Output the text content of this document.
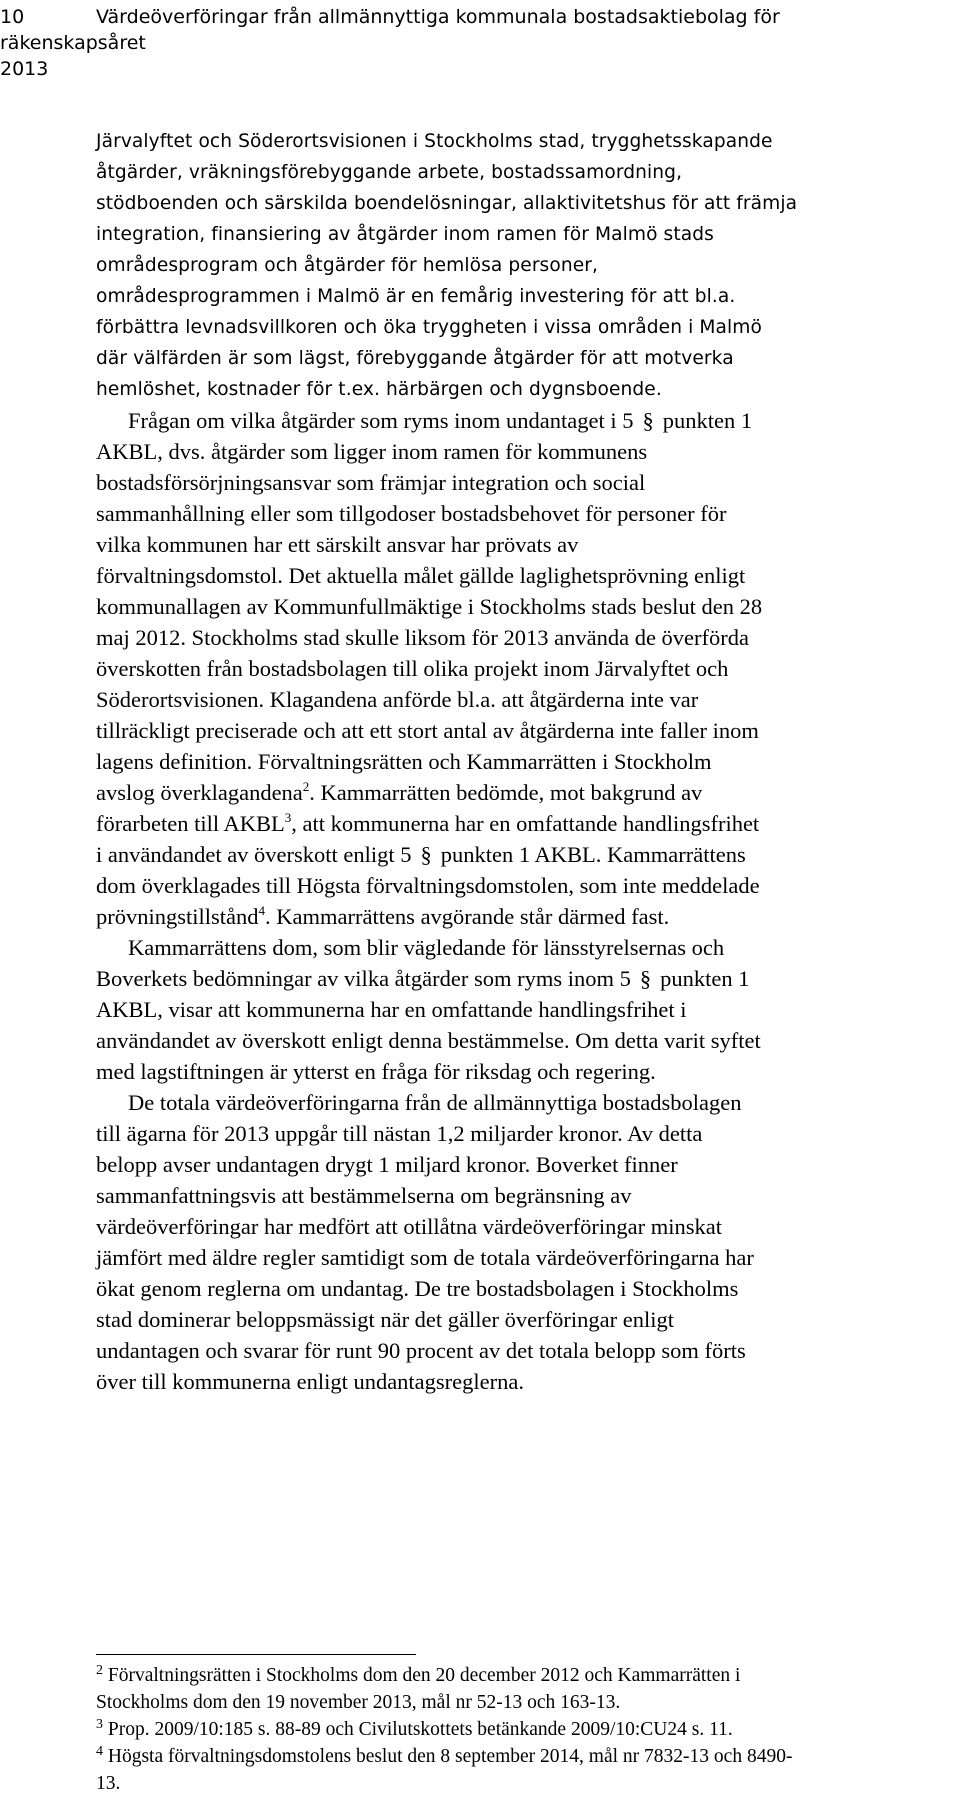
10	Värdeöverföringar från allmännyttiga kommunala bostadsaktiebolag för räkenskapsåret
2013
Järvalyftet och Söderortsvisionen i Stockholms stad, trygghetsskapande
åtgärder, vräkningsförebyggande arbete, bostadssamordning,
stödboenden och särskilda boendelösningar, allaktivitetshus för att främja
integration, finansiering av åtgärder inom ramen för Malmö stads
områdesprogram och åtgärder för hemlösa personer,
områdesprogrammen i Malmö är en femårig investering för att bl.a.
förbättra levnadsvillkoren och öka tryggheten i vissa områden i Malmö
där välfärden är som lägst, förebyggande åtgärder för att motverka
hemlöshet, kostnader för t.ex. härbärgen och dygnsboende.
Frågan om vilka åtgärder som ryms inom undantaget i 5 § punkten 1
AKBL, dvs. åtgärder som ligger inom ramen för kommunens
bostadsförsörjningsansvar som främjar integration och social
sammanhållning eller som tillgodoser bostadsbehovet för personer för
vilka kommunen har ett särskilt ansvar har prövats av
förvaltningsdomstol. Det aktuella målet gällde laglighetsprövning enligt
kommunallagen av Kommunfullmäktige i Stockholms stads beslut den 28
maj 2012. Stockholms stad skulle liksom för 2013 använda de överförda
överskotten från bostadsbolagen till olika projekt inom Järvalyftet och
Söderortsvisionen. Klagandena anförde bl.a. att åtgärderna inte var
tillräckligt preciserade och att ett stort antal av åtgärderna inte faller inom
lagens definition. Förvaltningsrätten och Kammarrätten i Stockholm
avslog överklagandena$^2$. Kammarrätten bedömde, mot bakgrund av
förarbeten till AKBL$^3$, att kommunerna har en omfattande handlingsfrihet
i användandet av överskott enligt 5 § punkten 1 AKBL. Kammarrättens
dom överklagades till Högsta förvaltningsdomstolen, som inte meddelade
prövningstillstånd$^4$. Kammarrättens avgörande står därmed fast.
Kammarrättens dom, som blir vägledande för länsstyrelsernas och
Boverkets bedömningar av vilka åtgärder som ryms inom 5 § punkten 1
AKBL, visar att kommunerna har en omfattande handlingsfrihet i
användandet av överskott enligt denna bestämmelse. Om detta varit syftet
med lagstiftningen är ytterst en fråga för riksdag och regering.
De totala värdeöverföringarna från de allmännyttiga bostadsbolagen
till ägarna för 2013 uppgår till nästan 1,2 miljarder kronor. Av detta
belopp avser undantagen drygt 1 miljard kronor. Boverket finner
sammanfattningsvis att bestämmelserna om begränsning av
värdeöverföringar har medfört att otillåtna värdeöverföringar minskat
jämfört med äldre regler samtidigt som de totala värdeöverföringarna har
ökat genom reglerna om undantag. De tre bostadsbolagen i Stockholms
stad dominerar beloppsmässigt när det gäller överföringar enligt
undantagen och svarar för runt 90 procent av det totala belopp som förts
över till kommunerna enligt undantagsreglerna.
$^2$ Förvaltningsrätten i Stockholms dom den 20 december 2012 och Kammarrätten i
Stockholms dom den 19 november 2013, mål nr 52-13 och 163-13.
$^3$ Prop. 2009/10:185 s. 88-89 och Civilutskottets betänkande 2009/10:CU24 s. 11.
$^4$ Högsta förvaltningsdomstolens beslut den 8 september 2014, mål nr 7832-13 och 8490-
13.
